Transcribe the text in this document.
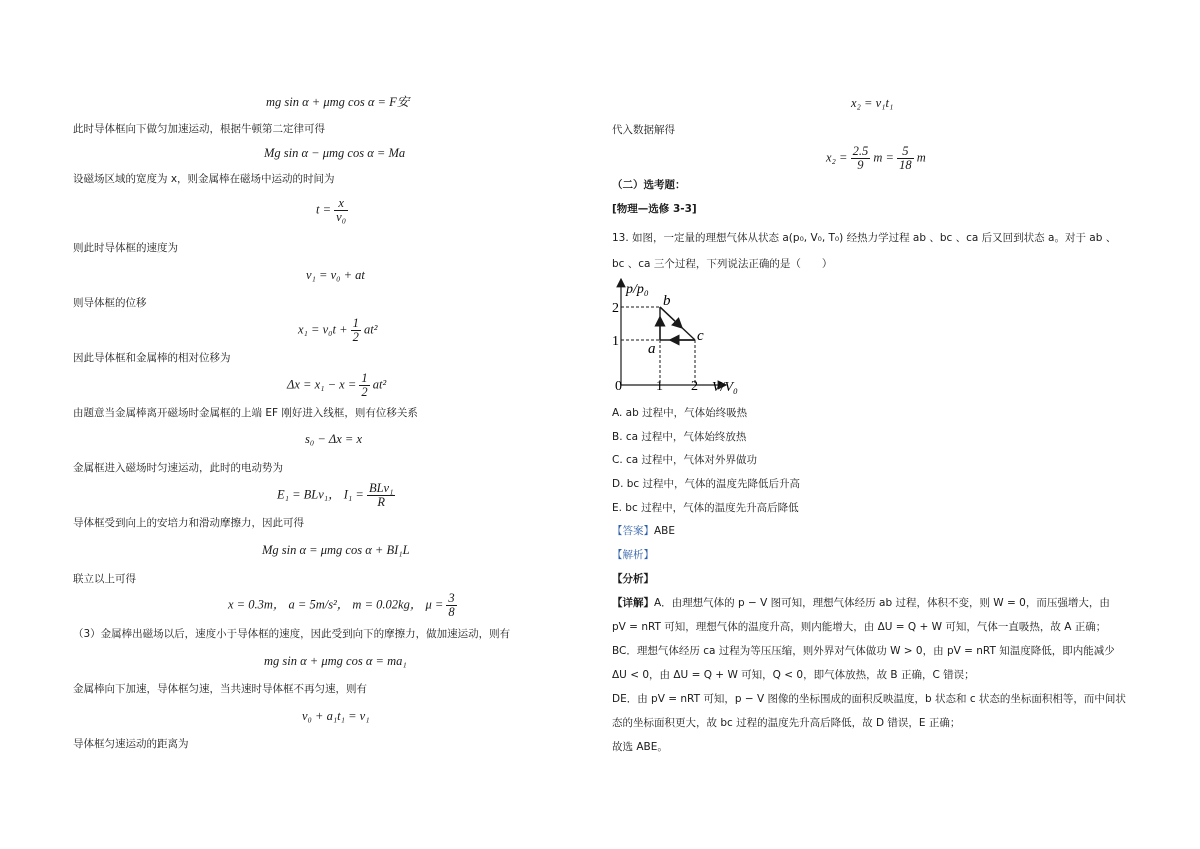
mg sin α + μmg cos α = F安
此时导体框向下做匀加速运动，根据牛顿第二定律可得
Mg sin α − μmg cos α = Ma
设磁场区域的宽度为 x，则金属棒在磁场中运动的时间为
$t = \frac{x}{\text{v₀}}$
则此时导体框的速度为
v₁ = v₀ + at
则导体框的位移
$x_1 = v_0t + \frac{1}{2} at^2$
因此导体框和金属棒的相对位移为
$\Delta x = x_1 - x = \frac{1}{2} at^2$
由题意当金属棒离开磁场时金属框的上端 EF 刚好进入线框，则有位移关系
s₀ − Δx = x
金属框进入磁场时匀速运动，此时的电动势为
E₁ = BLv₁， $I_1 = \frac{\text{BLv₁}}{R}$
导体框受到向上的安培力和滑动摩擦力，因此可得
Mg sin α = μmg cos α + BI₁L
联立以上可得
x = 0.3m， a = 5m/s²， m = 0.02kg， $\mu = \frac{3}{8}$
（3）金属棒出磁场以后，速度小于导体框的速度，因此受到向下的摩擦力，做加速运动，则有
mg sin α + μmg cos α = ma₁
金属棒向下加速，导体框匀速，当共速时导体框不再匀速，则有
v₀ + a₁t₁ = v₁
导体框匀速运动的距离为
x₂ = v₁t₁
代入数据解得
$x_2 = \frac{2.5}{9}$ $m = \frac{5}{18}$ m
（二）选考题：
[物理—选修 3-3]
13. 如图，一定量的理想气体从状态 a(p₀, V₀, T₀) 经热力学过程 ab 、bc 、ca 后又回到状态 a。对于 ab 、
bc 、ca 三个过程，下列说法正确的是（　　）
p/p₀
V/V₀
0 1 2
1
2
a
b
c
A. ab 过程中，气体始终吸热
B. ca 过程中，气体始终放热
C. ca 过程中，气体对外界做功
D. bc 过程中，气体的温度先降低后升高
E. bc 过程中，气体的温度先升高后降低
【答案】ABE
【解析】
【分析】
【详解】A．由理想气体的 p − V 图可知，理想气体经历 ab 过程，体积不变，则 W = 0，而压强增大，由
pV = nRT 可知，理想气体的温度升高，则内能增大，由 ΔU = Q + W 可知，气体一直吸热，故 A 正确；
BC．理想气体经历 ca 过程为等压压缩，则外界对气体做功 W > 0，由 pV = nRT 知温度降低，即内能减少
ΔU < 0，由 ΔU = Q + W 可知，Q < 0，即气体放热，故 B 正确，C 错误；
DE．由 pV = nRT 可知，p − V 图像的坐标围成的面积反映温度，b 状态和 c 状态的坐标面积相等，而中间状
态的坐标面积更大，故 bc 过程的温度先升高后降低，故 D 错误，E 正确；
故选 ABE。
